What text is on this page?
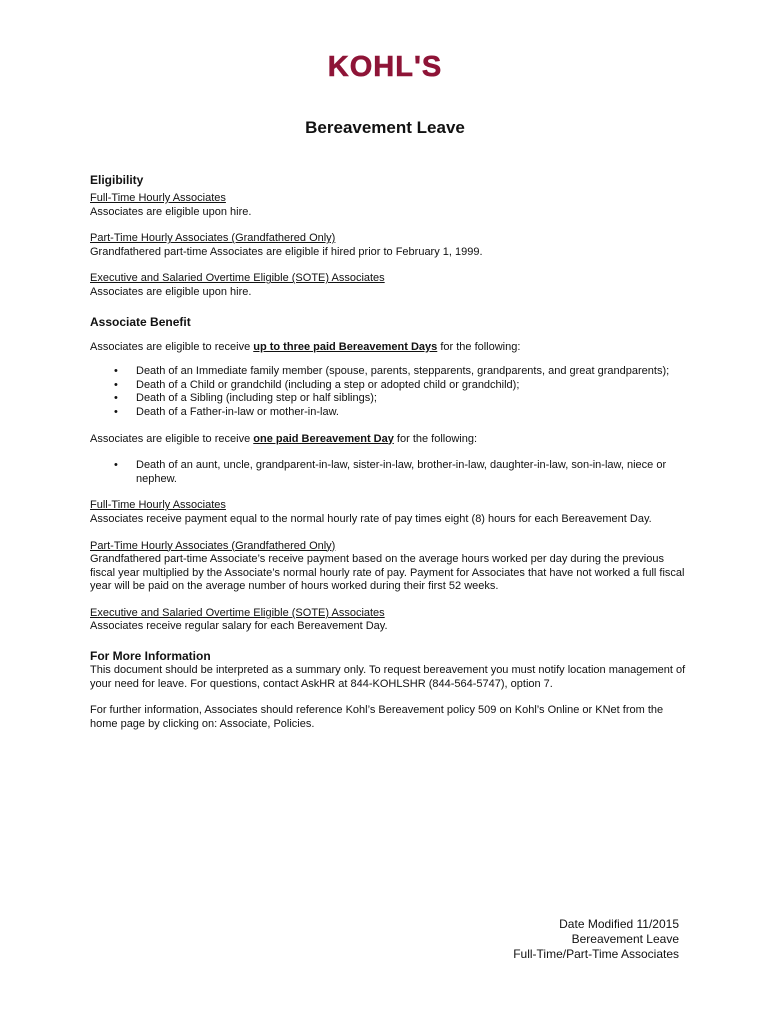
KOHL'S
Bereavement Leave
Eligibility

Full-Time Hourly Associates

Associates are eligible upon hire.

Part-Time Hourly Associates (Grandfathered Only)

Grandfathered part-time Associates are eligible if hired prior to February 1, 1999.

Executive and Salaried Overtime Eligible (SOTE) Associates

Associates are eligible upon hire.

Associate Benefit

Associates are eligible to receive up to three paid Bereavement Days for the following:

• Death of an Immediate family member (spouse, parents, stepparents, grandparents, and great grandparents);
• Death of a Child or grandchild (including a step or adopted child or grandchild);
• Death of a Sibling (including step or half siblings);
• Death of a Father-in-law or mother-in-law.

Associates are eligible to receive one paid Bereavement Day for the following:

• Death of an aunt, uncle, grandparent-in-law, sister-in-law, brother-in-law, daughter-in-law, son-in-law, niece or nephew.

Full-Time Hourly Associates

Associates receive payment equal to the normal hourly rate of pay times eight (8) hours for each Bereavement Day.

Part-Time Hourly Associates (Grandfathered Only)

Grandfathered part-time Associate’s receive payment based on the average hours worked per day during the previous fiscal year multiplied by the Associate’s normal hourly rate of pay. Payment for Associates that have not worked a full fiscal year will be paid on the average number of hours worked during their first 52 weeks.

Executive and Salaried Overtime Eligible (SOTE) Associates

Associates receive regular salary for each Bereavement Day.

For More Information

This document should be interpreted as a summary only. To request bereavement you must notify location management of your need for leave. For questions, contact AskHR at 844-KOHLSHR (844-564-5747), option 7.

For further information, Associates should reference Kohl’s Bereavement policy 509 on Kohl’s Online or KNet from the home page by clicking on: Associate, Policies.

Date Modified 11/2015
Bereavement Leave
Full-Time/Part-Time Associates
